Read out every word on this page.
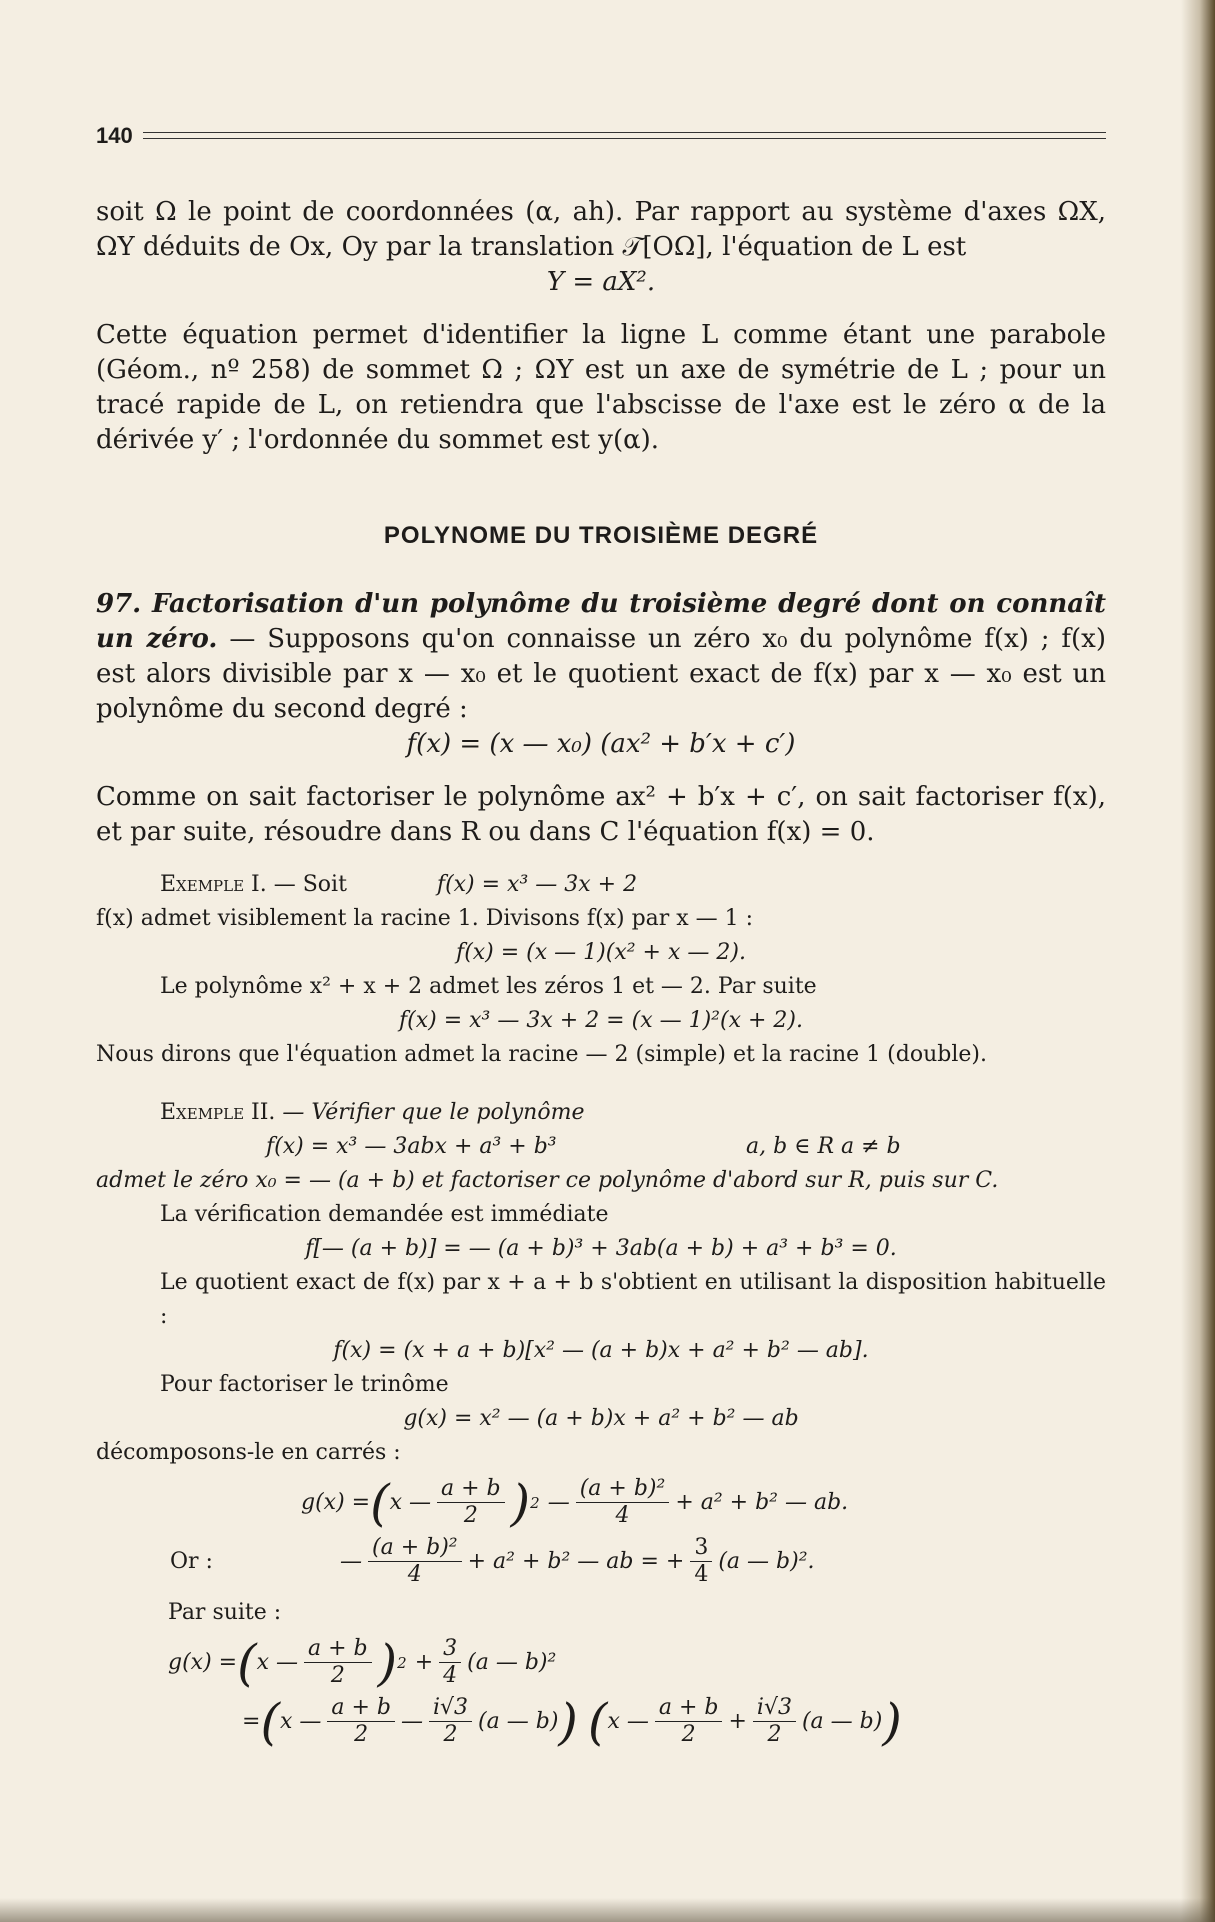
140

soit Ω le point de coordonnées (α, ah). Par rapport au système d'axes ΩX, ΩY déduits de Ox, Oy par la translation 𝒯[OΩ], l'équation de L est

Y = aX².

Cette équation permet d'identifier la ligne L comme étant une parabole (Géom., nº 258) de sommet Ω ; ΩY est un axe de symétrie de L ; pour un tracé rapide de L, on retiendra que l'abscisse de l'axe est le zéro α de la dérivée y′ ; l'ordonnée du sommet est y(α).

POLYNOME DU TROISIÈME DEGRÉ

97. Factorisation d'un polynôme du troisième degré dont on connaît un zéro. — Supposons qu'on connaisse un zéro x₀ du polynôme f(x) ; f(x) est alors divisible par x — x₀ et le quotient exact de f(x) par x — x₀ est un polynôme du second degré :

f(x) = (x — x₀) (ax² + b′x + c′)

Comme on sait factoriser le polynôme ax² + b′x + c′, on sait factoriser f(x), et par suite, résoudre dans R ou dans C l'équation f(x) = 0.

Exemple I.
— Soit	f(x) = x³ — 3x + 2

f(x) admet visiblement la racine 1. Divisons f(x) par x — 1 :

f(x) = (x — 1)(x² + x — 2).

Le polynôme x² + x + 2 admet les zéros 1 et — 2. Par suite

f(x) = x³ — 3x + 2 = (x — 1)²(x + 2).

Nous dirons que l'équation admet la racine — 2 (simple) et la racine 1 (double).

Exemple II.
— Vérifier que le polynôme
f(x) = x³ — 3abx + a³ + b³	a, b ∈ R a ≠ b

admet le zéro x₀ = — (a + b) et factoriser ce polynôme d'abord sur R, puis sur C.

La vérification demandée est immédiate

f[— (a + b)] = — (a + b)³ + 3ab(a + b) + a³ + b³ = 0.

Le quotient exact de f(x) par x + a + b s'obtient en utilisant la disposition habituelle :

f(x) = (x + a + b)[x² — (a + b)x + a² + b² — ab].

Pour factoriser le trinôme

g(x) = x² — (a + b)x + a² + b² — ab

décomposons-le en carrés :

g(x) = ( x — $\frac{a + b}{2}$ ) 2 — $\frac{\text{(a + b)²}}{4} + a^2 + b^2$ — ab.
Or :	— $\frac{\text{(a + b)²}}{4} + a^2 + b^2$ — ab = + $\frac{3}{4} (a$ — b)².

Par suite :

g(x) = ( x — $\frac{a + b}{2}$ ) $2 + \frac{3}{4} (a$ — b)²
= ( x — $\frac{a + b}{2}$ — $\frac{i√3}{2} (a$ — b) ) ( x — $\frac{a + b}{2} + \frac{i√3}{2} (a$ — b) )
